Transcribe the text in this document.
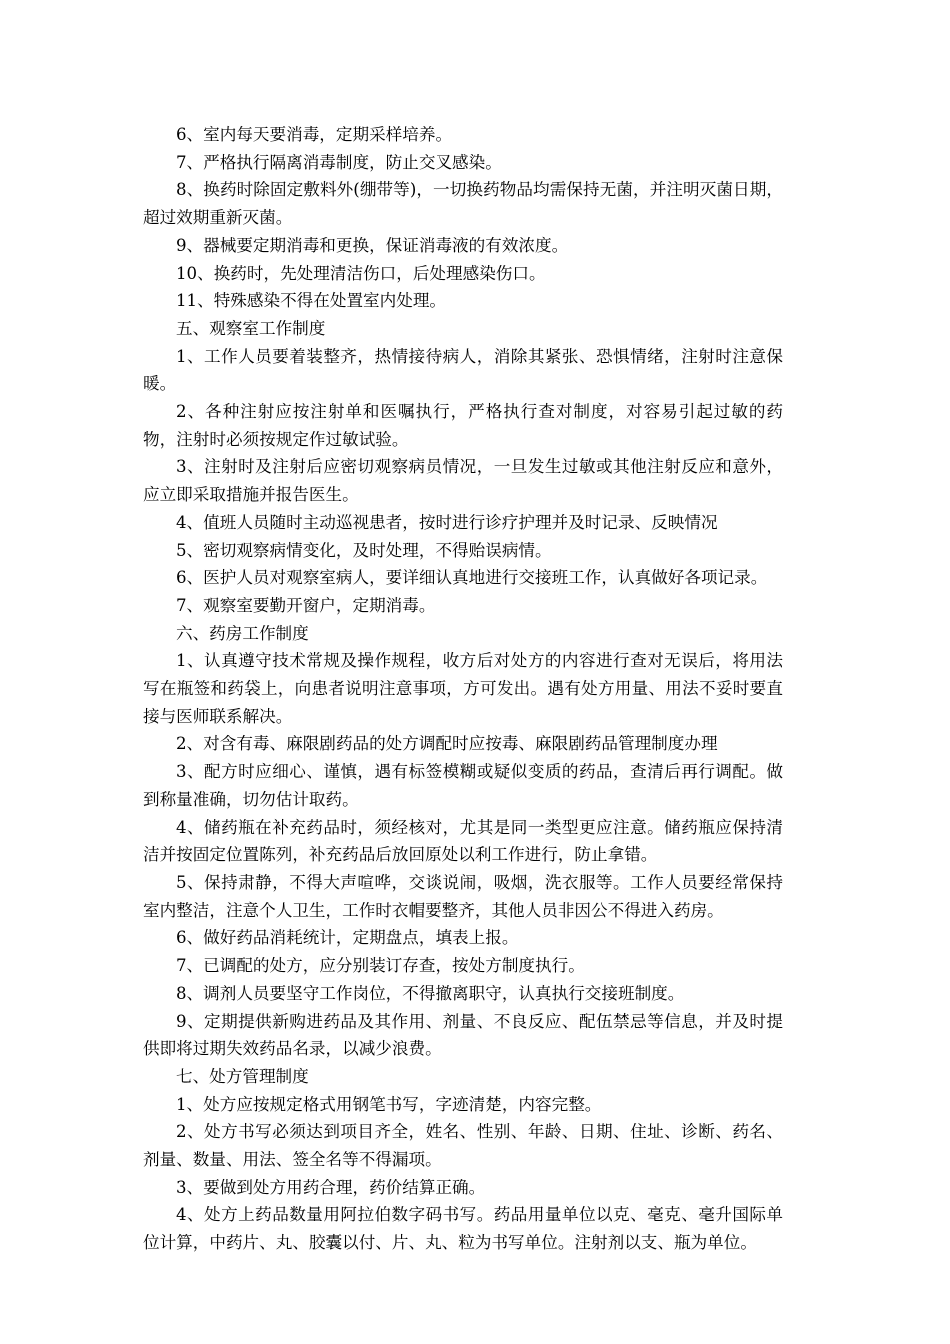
6、室内每天要消毒，定期采样培养。

7、严格执行隔离消毒制度，防止交叉感染。

8、换药时除固定敷料外(绷带等)，一切换药物品均需保持无菌，并注明灭菌日期，超过效期重新灭菌。

9、器械要定期消毒和更换，保证消毒液的有效浓度。

10、换药时，先处理清洁伤口，后处理感染伤口。

11、特殊感染不得在处置室内处理。

五、观察室工作制度

1、工作人员要着装整齐，热情接待病人，消除其紧张、恐惧情绪，注射时注意保暖。

2、各种注射应按注射单和医嘱执行，严格执行查对制度，对容易引起过敏的药物，注射时必须按规定作过敏试验。

3、注射时及注射后应密切观察病员情况，一旦发生过敏或其他注射反应和意外，应立即采取措施并报告医生。

4、值班人员随时主动巡视患者，按时进行诊疗护理并及时记录、反映情况

5、密切观察病情变化，及时处理，不得贻误病情。

6、医护人员对观察室病人，要详细认真地进行交接班工作，认真做好各项记录。

7、观察室要勤开窗户，定期消毒。

六、药房工作制度

1、认真遵守技术常规及操作规程，收方后对处方的内容进行查对无误后，将用法写在瓶签和药袋上，向患者说明注意事项，方可发出。遇有处方用量、用法不妥时要直接与医师联系解决。

2、对含有毒、麻限剧药品的处方调配时应按毒、麻限剧药品管理制度办理

3、配方时应细心、谨慎，遇有标签模糊或疑似变质的药品，查清后再行调配。做到称量准确，切勿估计取药。

4、储药瓶在补充药品时，须经核对，尤其是同一类型更应注意。储药瓶应保持清洁并按固定位置陈列，补充药品后放回原处以利工作进行，防止拿错。

5、保持肃静，不得大声喧哗，交谈说闹，吸烟，洗衣服等。工作人员要经常保持室内整洁，注意个人卫生，工作时衣帽要整齐，其他人员非因公不得进入药房。

6、做好药品消耗统计，定期盘点，填表上报。

7、已调配的处方，应分别装订存查，按处方制度执行。

8、调剂人员要坚守工作岗位，不得撤离职守，认真执行交接班制度。

9、定期提供新购进药品及其作用、剂量、不良反应、配伍禁忌等信息，并及时提供即将过期失效药品名录，以减少浪费。

七、处方管理制度

1、处方应按规定格式用钢笔书写，字迹清楚，内容完整。

2、处方书写必须达到项目齐全，姓名、性别、年龄、日期、住址、诊断、药名、剂量、数量、用法、签全名等不得漏项。

3、要做到处方用药合理，药价结算正确。

4、处方上药品数量用阿拉伯数字码书写。药品用量单位以克、毫克、毫升国际单位计算，中药片、丸、胶囊以付、片、丸、粒为书写单位。注射剂以支、瓶为单位。
